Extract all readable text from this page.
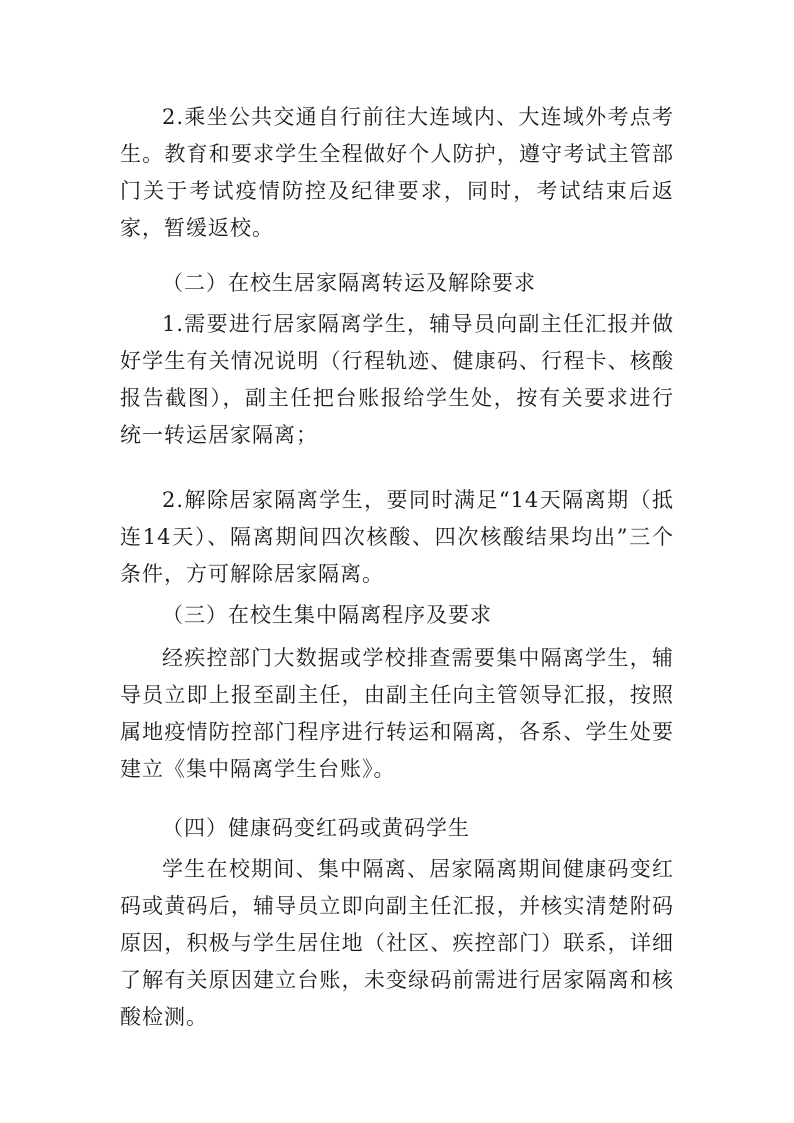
2.乘坐公共交通自行前往大连域内、大连域外考点考生。教育和要求学生全程做好个人防护，遵守考试主管部门关于考试疫情防控及纪律要求，同时，考试结束后返家，暂缓返校。

（二）在校生居家隔离转运及解除要求

1.需要进行居家隔离学生，辅导员向副主任汇报并做好学生有关情况说明（行程轨迹、健康码、行程卡、核酸报告截图），副主任把台账报给学生处，按有关要求进行统一转运居家隔离；

2.解除居家隔离学生，要同时满足“14天隔离期（抵连14天）、隔离期间四次核酸、四次核酸结果均出”三个条件，方可解除居家隔离。

（三）在校生集中隔离程序及要求

经疾控部门大数据或学校排查需要集中隔离学生，辅导员立即上报至副主任，由副主任向主管领导汇报，按照属地疫情防控部门程序进行转运和隔离，各系、学生处要建立《集中隔离学生台账》。

（四）健康码变红码或黄码学生

学生在校期间、集中隔离、居家隔离期间健康码变红码或黄码后，辅导员立即向副主任汇报，并核实清楚附码原因，积极与学生居住地（社区、疾控部门）联系，详细了解有关原因建立台账，未变绿码前需进行居家隔离和核酸检测。
